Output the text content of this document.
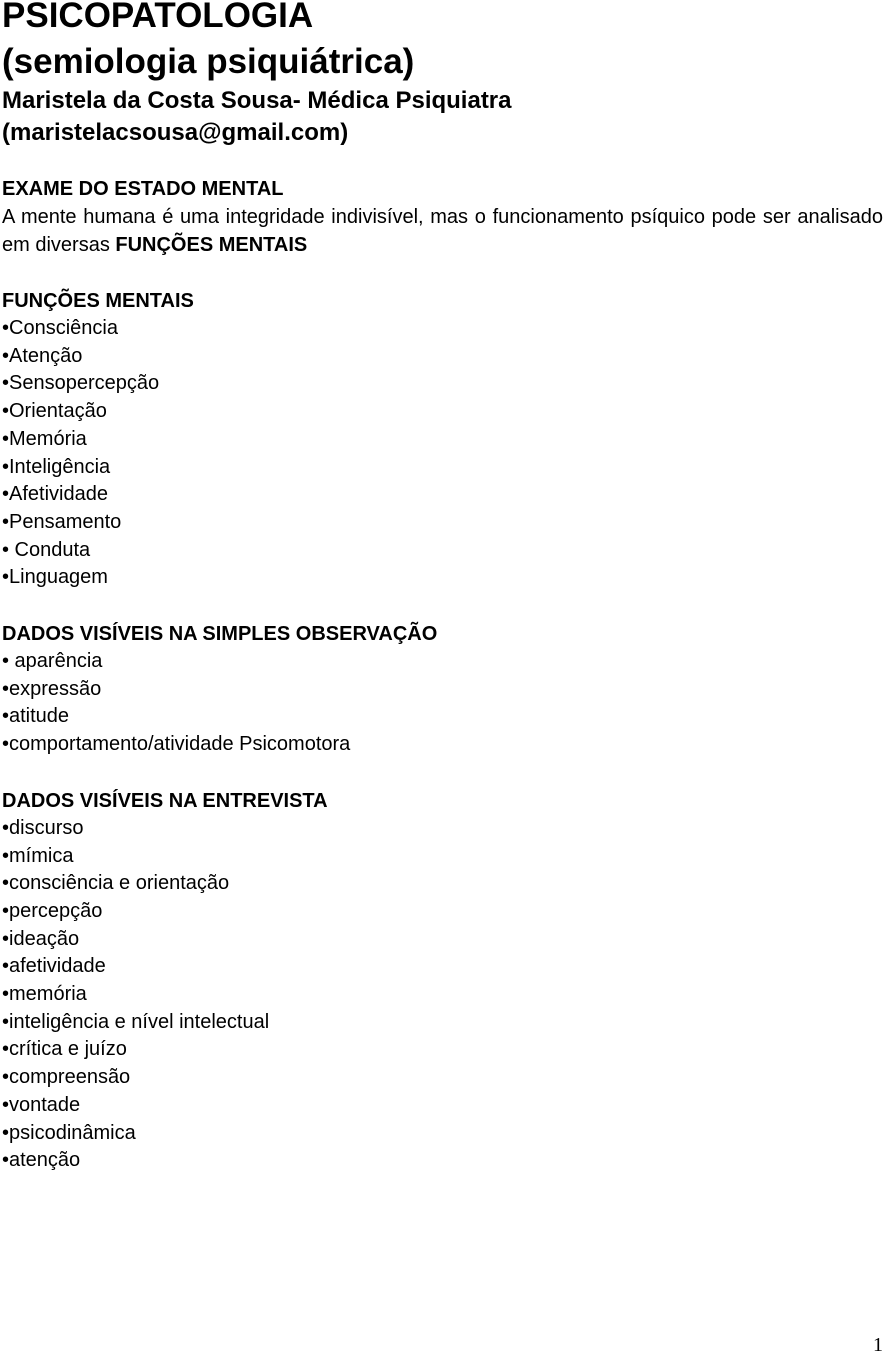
PSICOPATOLOGIA
(semiologia psiquiátrica)

Maristela da Costa Sousa- Médica Psiquiatra

(maristelacsousa@gmail.com)

EXAME DO ESTADO MENTAL

A mente humana é uma integridade indivisível, mas o funcionamento psíquico pode ser analisado em diversas FUNÇÕES MENTAIS

FUNÇÕES MENTAIS

•Consciência
•Atenção
•Sensopercepção
•Orientação
•Memória
•Inteligência
•Afetividade
•Pensamento
• Conduta
•Linguagem

DADOS VISÍVEIS NA SIMPLES OBSERVAÇÃO

• aparência
•expressão
•atitude
•comportamento/atividade Psicomotora

DADOS VISÍVEIS NA ENTREVISTA

•discurso
•mímica
•consciência e orientação
•percepção
•ideação
•afetividade
•memória
•inteligência e nível intelectual
•crítica e juízo
•compreensão
•vontade
•psicodinâmica
•atenção
1
